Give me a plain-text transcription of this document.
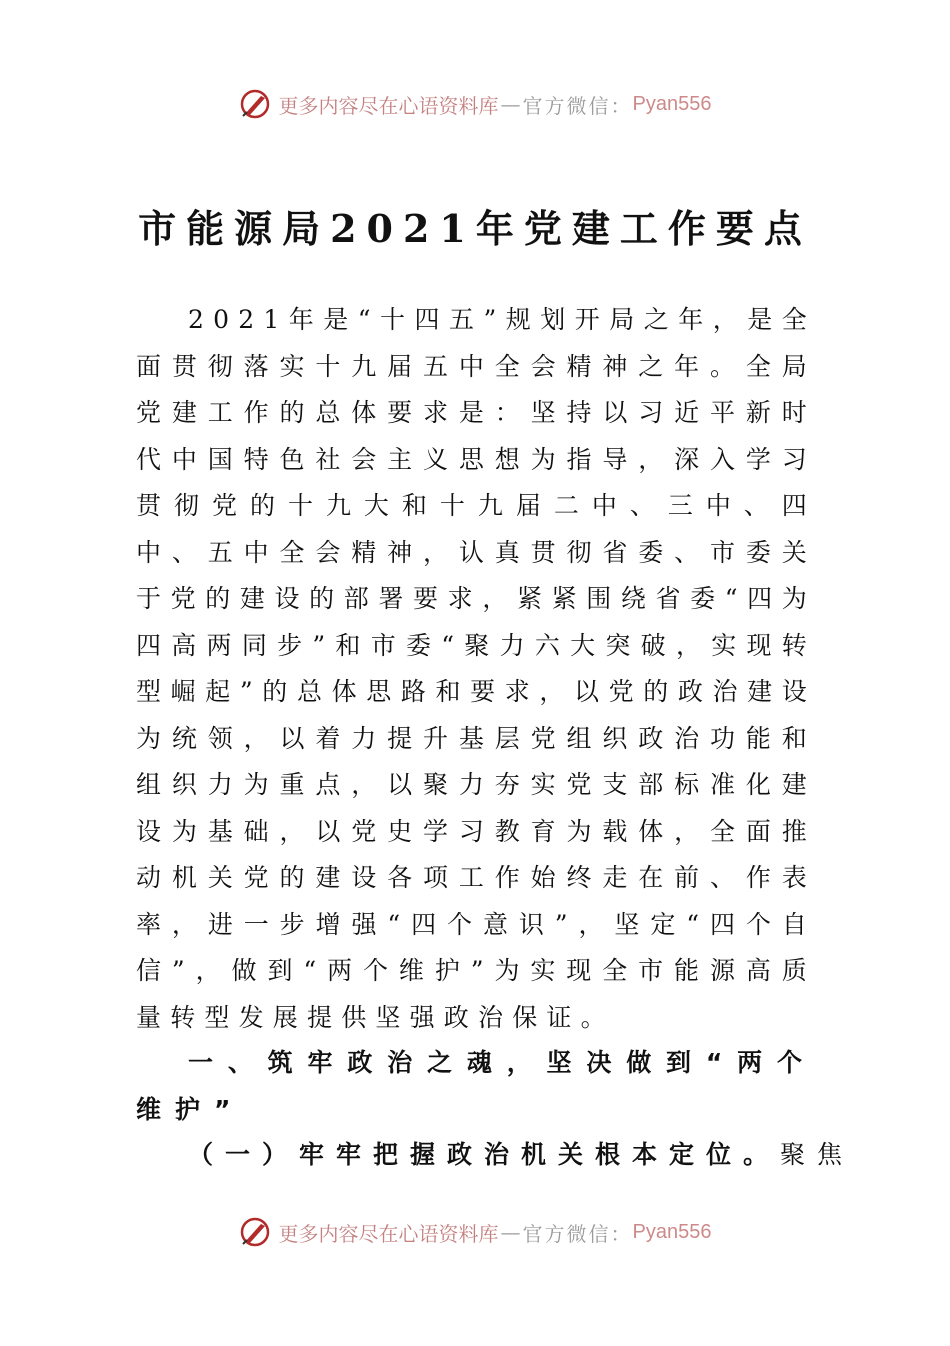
更多内容尽在心语资料库 — 官方微信： Pyan556
市能源局2021年党建工作要点
2021年是“十四五”规划开局之年，是全面贯彻落实十九届五中全会精神之年。全局党建工作的总体要求是：坚持以习近平新时代中国特色社会主义思想为指导，深入学习贯彻党的十九大和十九届二中、三中、四中、五中全会精神，认真贯彻省委、市委关于党的建设的部署要求，紧紧围绕省委“四为四高两同步”和市委“聚力六大突破，实现转型崛起”的总体思路和要求，以党的政治建设为统领，以着力提升基层党组织政治功能和组织力为重点，以聚力夯实党支部标准化建设为基础，以党史学习教育为载体，全面推动机关党的建设各项工作始终走在前、作表率，进一步增强“四个意识”，坚定“四个自信”，做到“两个维护”为实现全市能源高质量转型发展提供坚强政治保证。
一、筑牢政治之魂，坚决做到“两个维护”
（一）牢牢把握政治机关根本定位。聚焦
更多内容尽在心语资料库 — 官方微信： Pyan556
